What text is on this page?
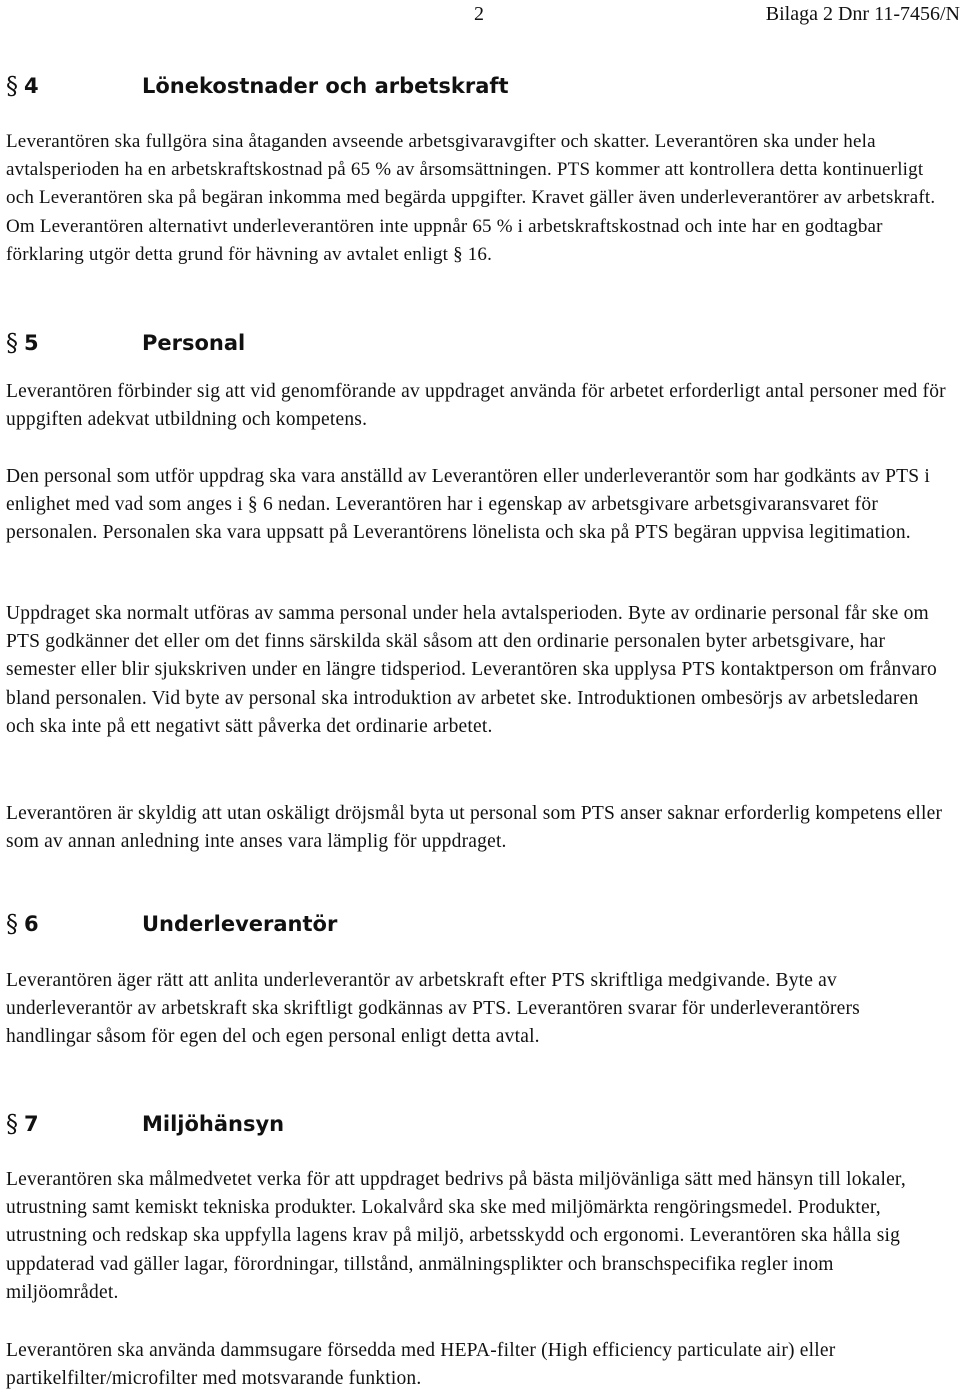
2	Bilaga 2 Dnr 11-7456/N
§ 4	Lönekostnader och arbetskraft

Leverantören ska fullgöra sina åtaganden avseende arbetsgivaravgifter och skatter. Leverantören ska under hela avtalsperioden ha en arbetskraftskostnad på 65 % av årsomsättningen. PTS kommer att kontrollera detta kontinuerligt och Leverantören ska på begäran inkomma med begärda uppgifter. Kravet gäller även underleverantörer av arbetskraft. Om Leverantören alternativt underleverantören inte uppnår 65 % i arbetskraftskostnad och inte har en godtagbar förklaring utgör detta grund för hävning av avtalet enligt § 16.

§ 5	Personal

Leverantören förbinder sig att vid genomförande av uppdraget använda för arbetet erforderligt antal personer med för uppgiften adekvat utbildning och kompetens.

Den personal som utför uppdrag ska vara anställd av Leverantören eller underleverantör som har godkänts av PTS i enlighet med vad som anges i § 6 nedan. Leverantören har i egenskap av arbetsgivare arbetsgivaransvaret för personalen. Personalen ska vara uppsatt på Leverantörens lönelista och ska på PTS begäran uppvisa legitimation.

Uppdraget ska normalt utföras av samma personal under hela avtalsperioden. Byte av ordinarie personal får ske om PTS godkänner det eller om det finns särskilda skäl såsom att den ordinarie personalen byter arbetsgivare, har semester eller blir sjukskriven under en längre tidsperiod. Leverantören ska upplysa PTS kontaktperson om frånvaro bland personalen. Vid byte av personal ska introduktion av arbetet ske. Introduktionen ombesörjs av arbetsledaren och ska inte på ett negativt sätt påverka det ordinarie arbetet.

Leverantören är skyldig att utan oskäligt dröjsmål byta ut personal som PTS anser saknar erforderlig kompetens eller som av annan anledning inte anses vara lämplig för uppdraget.

§ 6	Underleverantör

Leverantören äger rätt att anlita underleverantör av arbetskraft efter PTS skriftliga medgivande. Byte av underleverantör av arbetskraft ska skriftligt godkännas av PTS. Leverantören svarar för underleverantörers handlingar såsom för egen del och egen personal enligt detta avtal.

§ 7	Miljöhänsyn

Leverantören ska målmedvetet verka för att uppdraget bedrivs på bästa miljövänliga sätt med hänsyn till lokaler, utrustning samt kemiskt tekniska produkter. Lokalvård ska ske med miljömärkta rengöringsmedel. Produkter, utrustning och redskap ska uppfylla lagens krav på miljö, arbetsskydd och ergonomi. Leverantören ska hålla sig uppdaterad vad gäller lagar, förordningar, tillstånd, anmälningsplikter och branschspecifika regler inom miljöområdet.

Leverantören ska använda dammsugare försedda med HEPA-filter (High efficiency particulate air) eller partikelfilter/microfilter med motsvarande funktion.
